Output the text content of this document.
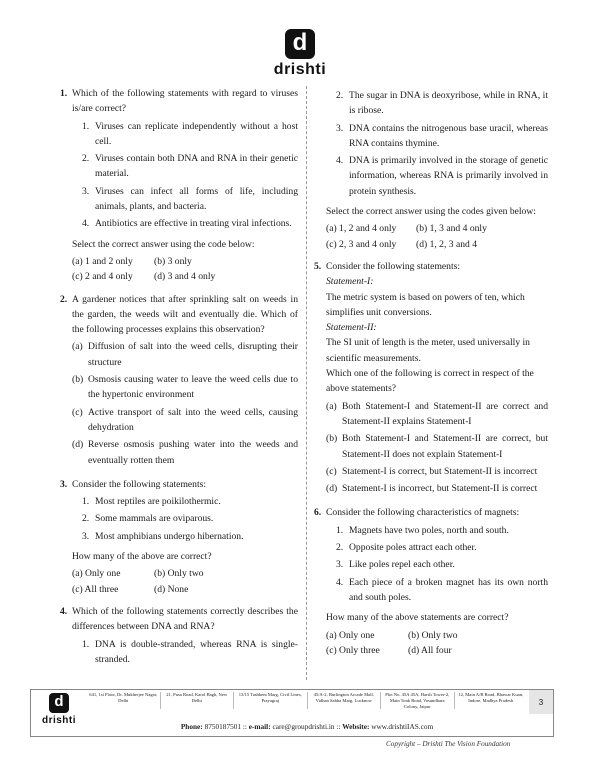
d
drishti
1. Which of the following statements with regard to viruses is/are correct?
1. Viruses can replicate independently without a host cell.
2. Viruses contain both DNA and RNA in their genetic material.
3. Viruses can infect all forms of life, including animals, plants, and bacteria.
4. Antibiotics are effective in treating viral infections.
Select the correct answer using the code below:
(a) 1 and 2 only	(b) 3 only
(c) 2 and 4 only	(d) 3 and 4 only
2. A gardener notices that after sprinkling salt on weeds in the garden, the weeds wilt and eventually die. Which of the following processes explains this observation?
(a) Diffusion of salt into the weed cells, disrupting their structure
(b) Osmosis causing water to leave the weed cells due to the hypertonic environment
(c) Active transport of salt into the weed cells, causing dehydration
(d) Reverse osmosis pushing water into the weeds and eventually rotten them
3. Consider the following statements:
1. Most reptiles are poikilothermic.
2. Some mammals are oviparous.
3. Most amphibians undergo hibernation.
How many of the above are correct?
(a) Only one	(b) Only two
(c) All three	(d) None
4. Which of the following statements correctly describes the differences between DNA and RNA?
1. DNA is double-stranded, whereas RNA is single-stranded.
2. The sugar in DNA is deoxyribose, while in RNA, it is ribose.
3. DNA contains the nitrogenous base uracil, whereas RNA contains thymine.
4. DNA is primarily involved in the storage of genetic information, whereas RNA is primarily involved in protein synthesis.
Select the correct answer using the codes given below:
(a) 1, 2 and 4 only	(b) 1, 3 and 4 only
(c) 2, 3 and 4 only	(d) 1, 2, 3 and 4
5. Consider the following statements:
Statement-I:
The metric system is based on powers of ten, which simplifies unit conversions.
Statement-II:
The SI unit of length is the meter, used universally in scientific measurements.
Which one of the following is correct in respect of the above statements?
(a) Both Statement-I and Statement-II are correct and Statement-II explains Statement-I
(b) Both Statement-I and Statement-II are correct, but Statement-II does not explain Statement-I
(c) Statement-I is correct, but Statement-II is incorrect
(d) Statement-I is incorrect, but Statement-II is correct
6. Consider the following characteristics of magnets:
1. Magnets have two poles, north and south.
2. Opposite poles attract each other.
3. Like poles repel each other.
4. Each piece of a broken magnet has its own north and south poles.
How many of the above statements are correct?
(a) Only one	(b) Only two
(c) Only three	(d) All four
d
drishti
641, 1st Floor, Dr. Mukherjee Nagar, Delhi
21, Pusa Road, Karol Bagh, New Delhi
13/15 Tashkent Marg, Civil Lines, Prayagraj
45/A-2, Burlington Arcade Mall, Vidhan Sabha Marg, Lucknow
Plot No. 45A 45A, Harsh Tower-2, Main Tonk Road, Vasundhara Colony, Jaipur
12, Main A/B Road, Bhawar Kuan, Indore, Madhya Pradesh
Phone: 8750187501 :: e-mail: care@groupdrishti.in :: Website: www.drishtiIAS.com
3
Copyright – Drishti The Vision Foundation
